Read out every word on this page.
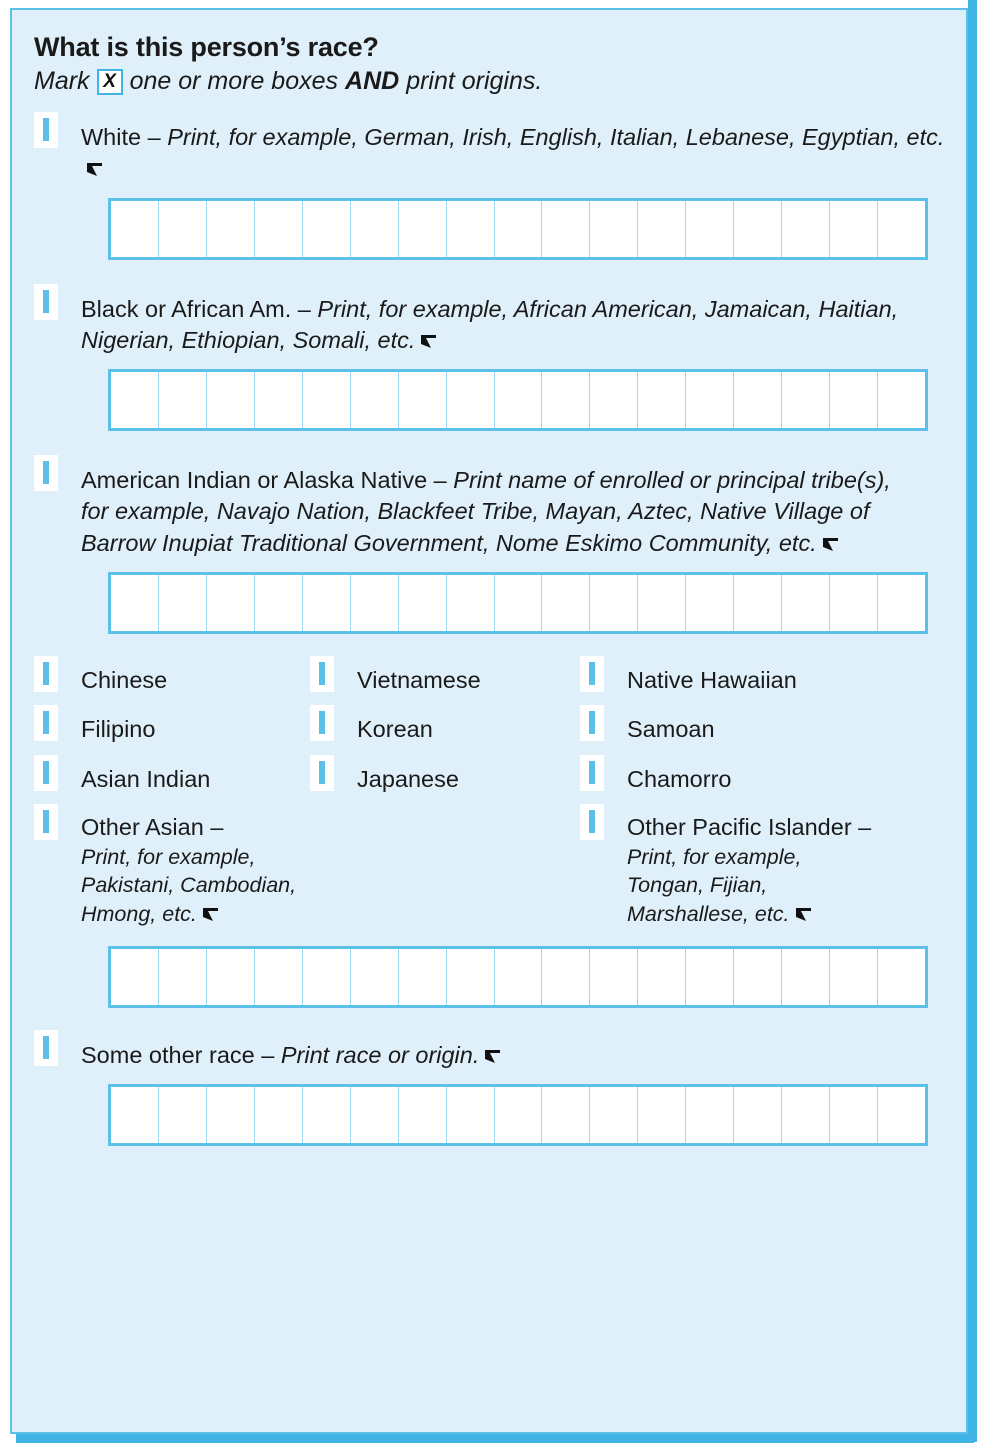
What is this person’s race?
Mark X one or more boxes AND print origins.
White – Print, for example, German, Irish, English, Italian, Lebanese, Egyptian, etc.
Black or African Am. – Print, for example, African American, Jamaican, Haitian, Nigerian, Ethiopian, Somali, etc.
American Indian or Alaska Native – Print name of enrolled or principal tribe(s), for example, Navajo Nation, Blackfeet Tribe, Mayan, Aztec, Native Village of Barrow Inupiat Traditional Government, Nome Eskimo Community, etc.
Chinese
Filipino
Asian Indian
Other Asian –
Print, for example,
Pakistani, Cambodian,
Hmong, etc.
Vietnamese
Korean
Japanese
Native Hawaiian
Samoan
Chamorro
Other Pacific Islander –
Print, for example,
Tongan, Fijian,
Marshallese, etc.
Some other race – Print race or origin.
